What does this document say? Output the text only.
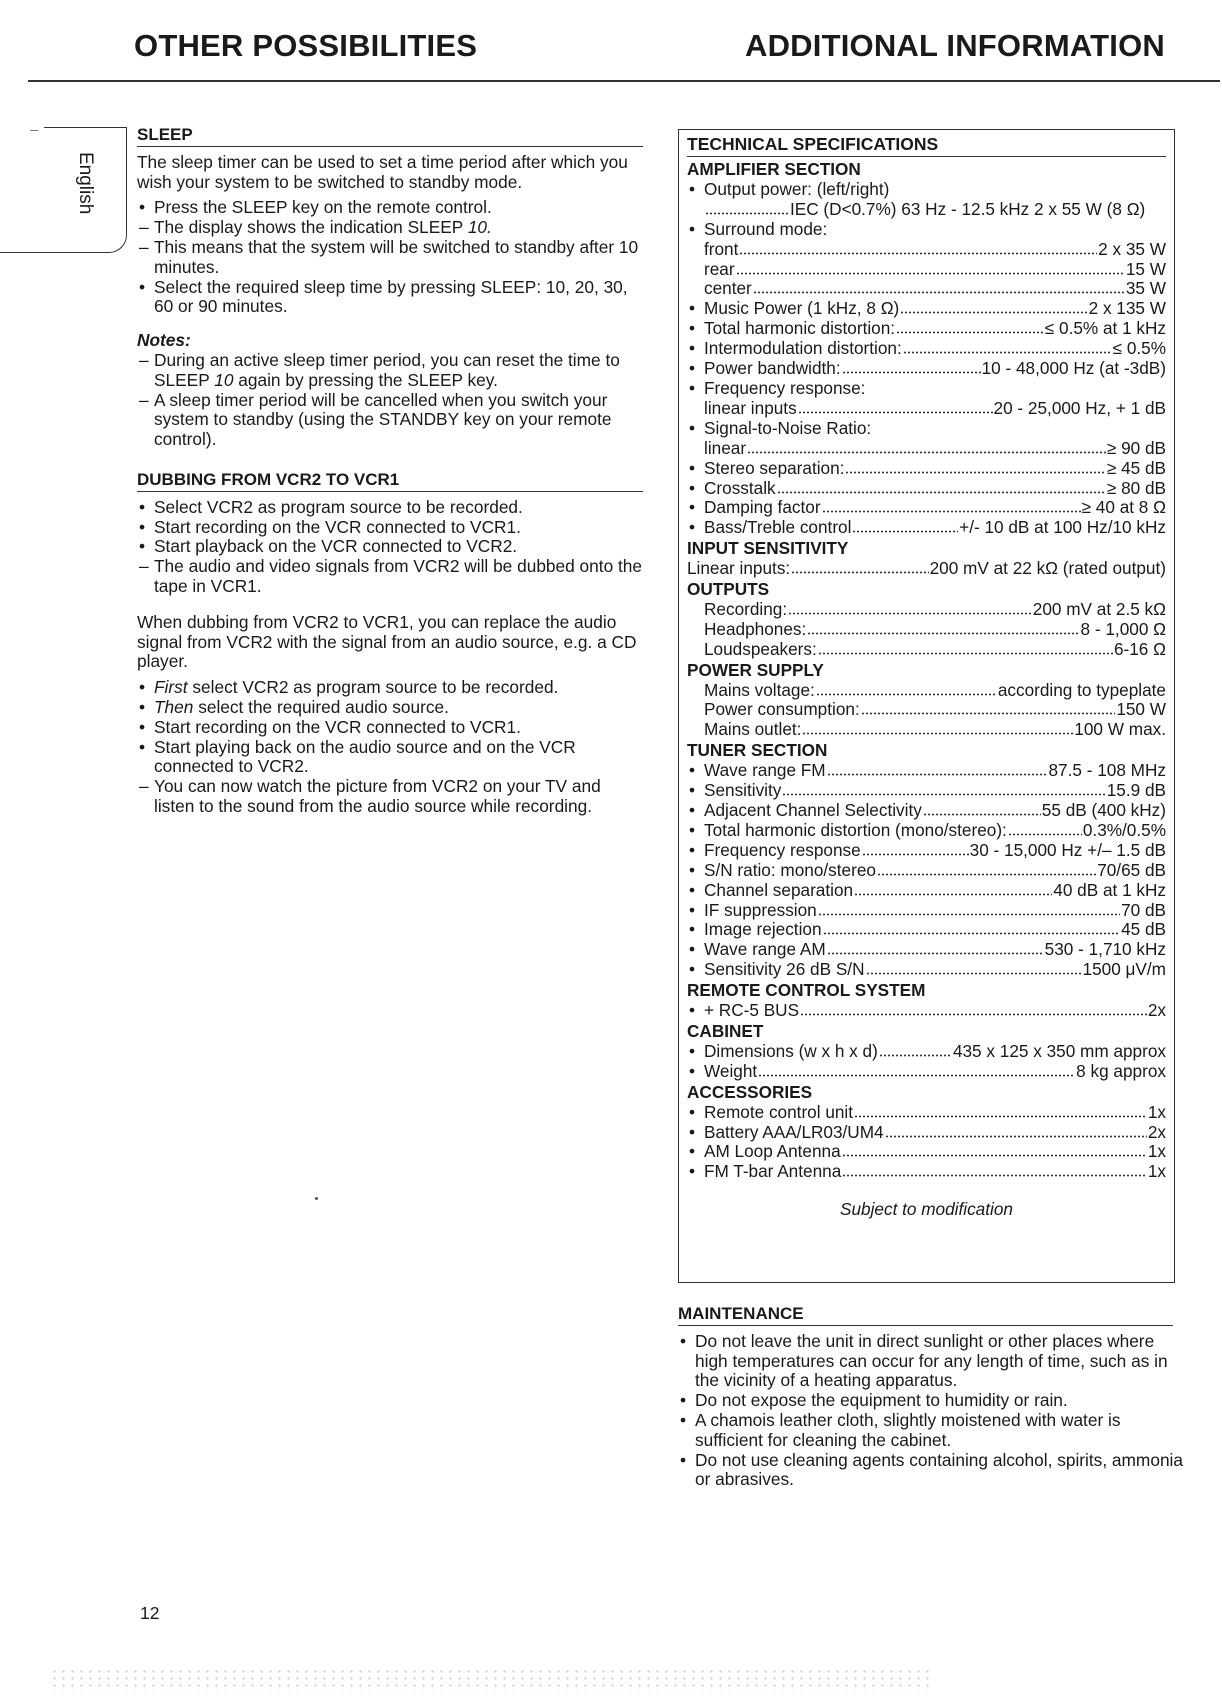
OTHER POSSIBILITIES	ADDITIONAL INFORMATION
English
SLEEP
The sleep timer can be used to set a time period after which you wish your system to be switched to standby mode.
• Press the SLEEP key on the remote control.
– The display shows the indication SLEEP 10.
– This means that the system will be switched to standby after 10 minutes.
• Select the required sleep time by pressing SLEEP: 10, 20, 30, 60 or 90 minutes.
Notes:
– During an active sleep timer period, you can reset the time to SLEEP 10 again by pressing the SLEEP key.
– A sleep timer period will be cancelled when you switch your system to standby (using the STANDBY key on your remote control).
DUBBING FROM VCR2 TO VCR1
• Select VCR2 as program source to be recorded.
• Start recording on the VCR connected to VCR1.
• Start playback on the VCR connected to VCR2.
– The audio and video signals from VCR2 will be dubbed onto the tape in VCR1.
When dubbing from VCR2 to VCR1, you can replace the audio signal from VCR2 with the signal from an audio source, e.g. a CD player.
• First select VCR2 as program source to be recorded.
• Then select the required audio source.
• Start recording on the VCR connected to VCR1.
• Start playing back on the audio source and on the VCR connected to VCR2.
– You can now watch the picture from VCR2 on your TV and listen to the sound from the audio source while recording.
TECHNICAL SPECIFICATIONS
AMPLIFIER SECTION
• Output power: (left/right)
IEC (D<0.7%) 63 Hz - 12.5 kHz 2 x 55 W (8 Ω)
• Surround mode:
front	2 x 35 W
rear	15 W
center	35 W
• Music Power (1 kHz, 8 Ω)	2 x 135 W
• Total harmonic distortion:	≤ 0.5% at 1 kHz
• Intermodulation distortion:	≤ 0.5%
• Power bandwidth:	10 - 48,000 Hz (at -3dB)
• Frequency response:
linear inputs	20 - 25,000 Hz, + 1 dB
• Signal-to-Noise Ratio:
linear	≥ 90 dB
• Stereo separation:	≥ 45 dB
• Crosstalk	≥ 80 dB
• Damping factor	≥ 40 at 8 Ω
• Bass/Treble control	+/- 10 dB at 100 Hz/10 kHz
INPUT SENSITIVITY
Linear inputs:	200 mV at 22 kΩ (rated output)
OUTPUTS
Recording:	200 mV at 2.5 kΩ
Headphones:	8 - 1,000 Ω
Loudspeakers:	6-16 Ω
POWER SUPPLY
Mains voltage:	according to typeplate
Power consumption:	150 W
Mains outlet:	100 W max.
TUNER SECTION
• Wave range FM	87.5 - 108 MHz
• Sensitivity	15.9 dB
• Adjacent Channel Selectivity	55 dB (400 kHz)
• Total harmonic distortion (mono/stereo):	0.3%/0.5%
• Frequency response	30 - 15,000 Hz +/– 1.5 dB
• S/N ratio: mono/stereo	70/65 dB
• Channel separation	40 dB at 1 kHz
• IF suppression	70 dB
• Image rejection	45 dB
• Wave range AM	530 - 1,710 kHz
• Sensitivity 26 dB S/N	1500 μV/m
REMOTE CONTROL SYSTEM
• + RC-5 BUS	2x
CABINET
• Dimensions (w x h x d)	435 x 125 x 350 mm approx
• Weight	8 kg approx
ACCESSORIES
• Remote control unit	1x
• Battery AAA/LR03/UM4	2x
• AM Loop Antenna	1x
• FM T-bar Antenna	1x
Subject to modification
MAINTENANCE
• Do not leave the unit in direct sunlight or other places where high temperatures can occur for any length of time, such as in the vicinity of a heating apparatus.
• Do not expose the equipment to humidity or rain.
• A chamois leather cloth, slightly moistened with water is sufficient for cleaning the cabinet.
• Do not use cleaning agents containing alcohol, spirits, ammonia or abrasives.
12
